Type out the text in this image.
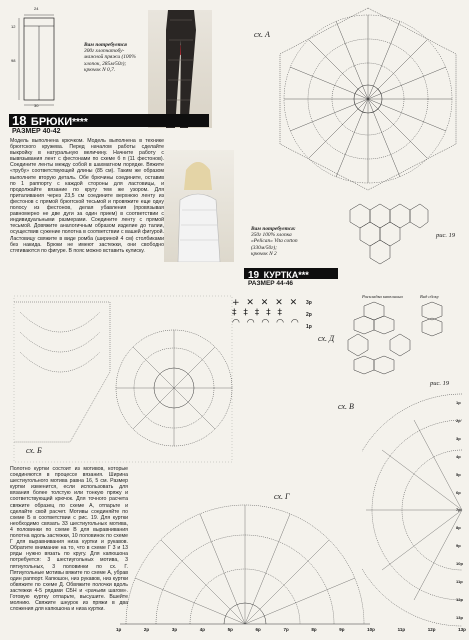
24
12
98
30
Вам потребуется
300г хлопчатобу-
мажной пряжи (100%
хлопок, 285м/50г);
крючок N 0,7.
18 БРЮКИ****
РАЗМЕР 40-42
Модель выполнена крючком. Модель выполнена в технике брюггского кружева. Перед началом работы сделайте выкройку в натуральную величину. Начните работу с вывязывания лент с фестонами по схеме б п (11 фестонов). Соедините ленты между собой в шахматном порядке. Вяжите «трубу» соответствующей длины (85 см). Таким же образом выполните вторую деталь. Обе брючины соедините, оставив по 1 раппорту с каждой стороны для ластовицы, и продолжайте вязание по кругу тем же узором. Для приталивания через 23,5 см соедините верхнюю ленту из фестонов с прямой брюггской тесьмой и провяжите еще одну полосу из фестонов, делая убавления (провязывая равномерно не две дуги за один прием) в соответствии с индивидуальными размерами. Соедините ленту с прямой тесьмой. Довяжите аналогичным образом изделие до талии, осуществив сужение полотна в соответствии с вашей фигурой. Ластовицу свяжите в виде ромба (шириной 4 см) столбиками без накида. Брюки не имеют застежки, они свободно стягиваются по фигуре. В пояс можно вставить кулиску.
сх. А
Вам потребуется:
350г 100% хлопка
«Pelican» Vita cotton
(330м/50г);
крючок N 2
рис. 19
19 КУРТКА***
РАЗМЕР 44-46
сх. Б
+ ✕ ✕ ✕ ✕
‡ ‡ ‡ ‡ ‡
◠ ◠ ◠ ◠ ◠
3р
2р
1р
сх. Д
Раскладка капюшона	Вид сбоку
рис. 19
сх. В
Полотно куртки состоит из мотивов, которые соединяются в процессе вязания. Ширина шестиугольного мотива равна 16, 5 см. Размер куртки изменится, если использовать для вязания более толстую или тонкую пряжу и соответствующий крючок. Для точного расчета свяжите образец по схеме А, отпарьте и сделайте свой расчет. Мотивы соединяйте по схеме Б в соответствии с рис. 19. Для куртки необходимо связать 33 шестиугольных мотива, 4 половинки по схеме В для выравнивания полотна вдоль застежки, 10 половинок по схеме Г для выравнивания низа куртки и рукавов. Обратите внимание на то, что в схеме Г 3 и 13 ряды нужно вязать по кругу. Для капюшона потребуется: 3 шестиугольных мотива, 3 пятиугольных, 3 половинки по сх. Г. Пятиугольные мотивы вяжите по схеме А, убрав один раппорт. Капюшон, низ рукавов, низ куртки обвяжите по схеме Д. Обвяжите полочки вдоль застежки 4-5 рядами СБН и «рачьим шагом». Готовую куртку отпарьте, высушите. Вшейте молнию. Свяжите шнурок из пряжи в два сложения для капюшона и низа куртки.
сх. Г
1р	2р	3р	4р	5р	6р	7р	8р	9р	10р	11р	12р	13р
1р
2р
3р
4р
5р
6р
7р
8р
9р
10р
11р
12р
13р
